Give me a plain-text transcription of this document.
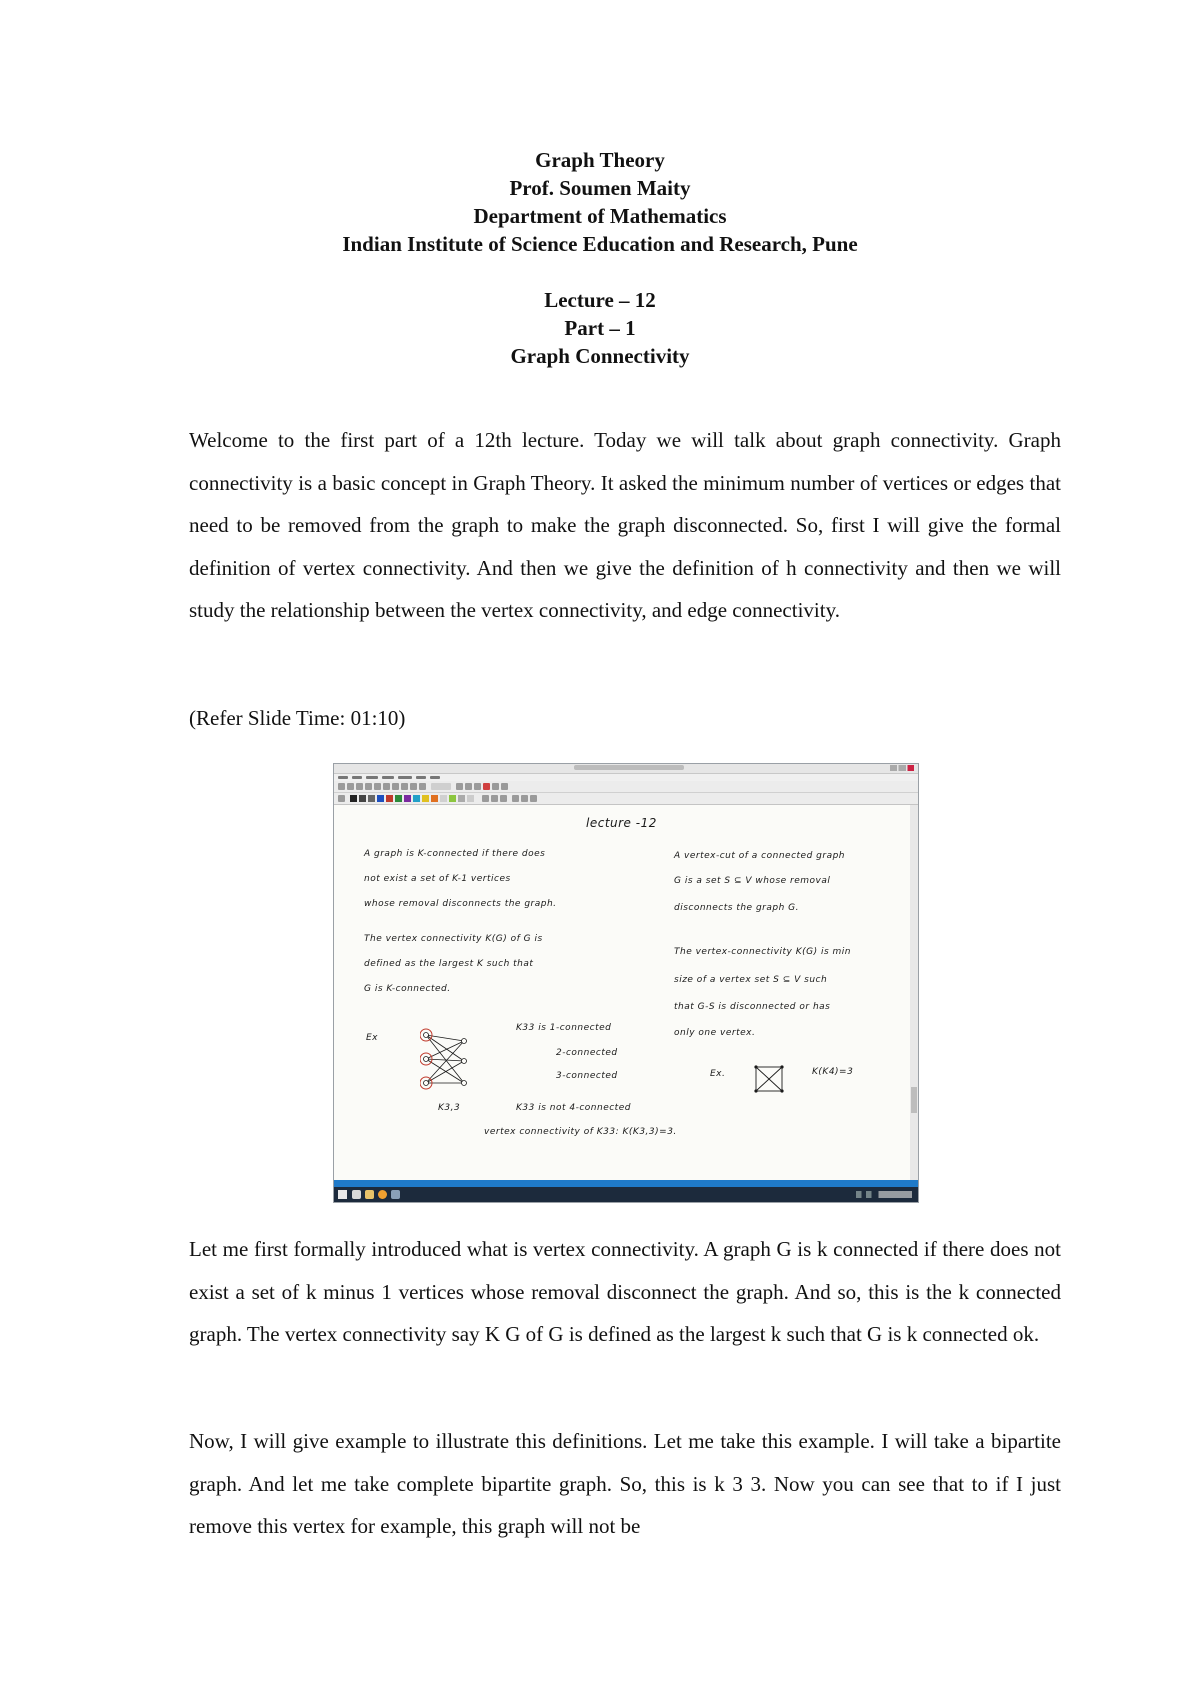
Graph Theory
Prof. Soumen Maity
Department of Mathematics
Indian Institute of Science Education and Research, Pune
Lecture – 12
Part – 1
Graph Connectivity

Welcome to the first part of a 12th lecture. Today we will talk about graph connectivity. Graph connectivity is a basic concept in Graph Theory. It asked the minimum number of vertices or edges that need to be removed from the graph to make the graph disconnected. So, first I will give the formal definition of vertex connectivity. And then we give the definition of h connectivity and then we will study the relationship between the vertex connectivity, and edge connectivity.

(Refer Slide Time: 01:10)
lecture -12
A graph is K-connected if there does
not exist a set of K-1 vertices
whose removal disconnects the graph.
The vertex connectivity K(G) of G is
defined as the largest K such that
G is K-connected.
Ex
K3,3
K33 is 1-connected
2-connected
3-connected
K33 is not 4-connected
vertex connectivity of K33: K(K3,3)=3.
A vertex-cut of a connected graph
G is a set S ⊆ V whose removal
disconnects the graph G.
The vertex-connectivity K(G) is min
size of a vertex set S ⊆ V such
that G-S is disconnected or has
only one vertex.
Ex.	K(K4)=3

Let me first formally introduced what is vertex connectivity. A graph G is k connected if there does not exist a set of k minus 1 vertices whose removal disconnect the graph. And so, this is the k connected graph. The vertex connectivity say K G of G is defined as the largest k such that G is k connected ok.

Now, I will give example to illustrate this definitions. Let me take this example. I will take a bipartite graph. And let me take complete bipartite graph. So, this is k 3 3. Now you can see that to if I just remove this vertex for example, this graph will not be
